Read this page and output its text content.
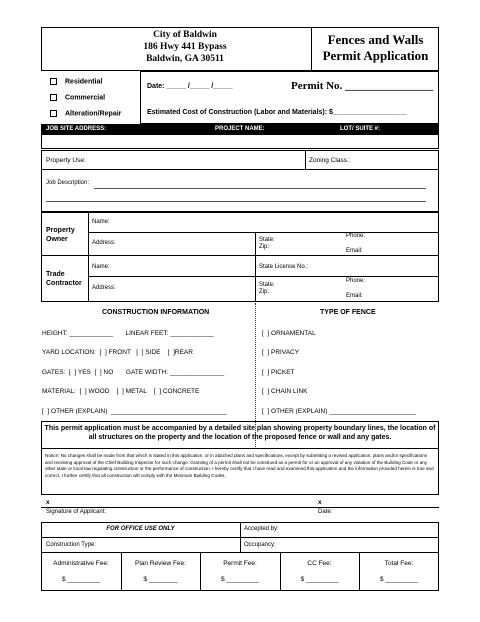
City of Baldwin
186 Hwy 441 Bypass
Baldwin, GA 30511
Fences and Walls
Permit Application
Residential
Commercial
Alteration/Repair
Date: _____ /_____ /_____	Permit No. ________________
Estimated Cost of Construction (Labor and Materials): $___________________
JOB SITE ADDRESS:	PROJECT NAME:	LOT/ SUITE #:
Property Use:	Zoning Class.:
Job Description:
Property
Owner
Name:
Address:	State:
Zip:
Phone:
Email:
Trade
Contractor
Name:	State License No.:
Address:	State:
Zip:
Phone:
Email:
CONSTRUCTION INFORMATION	TYPE OF FENCE
HEIGHT: ____________       LINEAR FEET: ____________
YARD LOCATION:  [  ] FRONT   [  ] SIDE    [  ]REAR
GATES:  [  ] YES  [  ] NO       GATE WIDTH: _______________
MATERIAL:  [  ] WOOD    [  ] METAL    [  ] CONCRETE
[  ] OTHER (EXPLAIN)  ________________________________
[  ] ORNAMENTAL
[  ] PRIVACY
[  ] PICKET
[  ] CHAIN LINK
[  ] OTHER (EXPLAIN) ________________________
This permit application must be accompanied by a detailed site plan showing property boundary lines, the location of all structures on the property and the location of the proposed fence or wall and any gates.
Notice: No changes shall be made from that which is stated in this application, or in attached plans and specifications, except by submitting a revised application, plans and/or specifications and receiving approval of the Chief Building Inspector for such change. Granting of a permit shall not be construed as a permit for or an approval of any violation of the Building Code or any other state or local law regulating construction or the performance of construction. I hereby certify that I have read and examined this application and the information provided herein is true and correct. I further certify that all construction will comply with the Minimum Building Codes.
x	x
Signature of Applicant:	Date:
FOR OFFICE USE ONLY	Accepted by:
Construction Type:	Occupancy:
Administrative Fee:
$ _________
Plan Review Fee:
$ ________
Permit Fee:
$ _________
CC Fee:
$ _________
Total Fee:
$ _________
